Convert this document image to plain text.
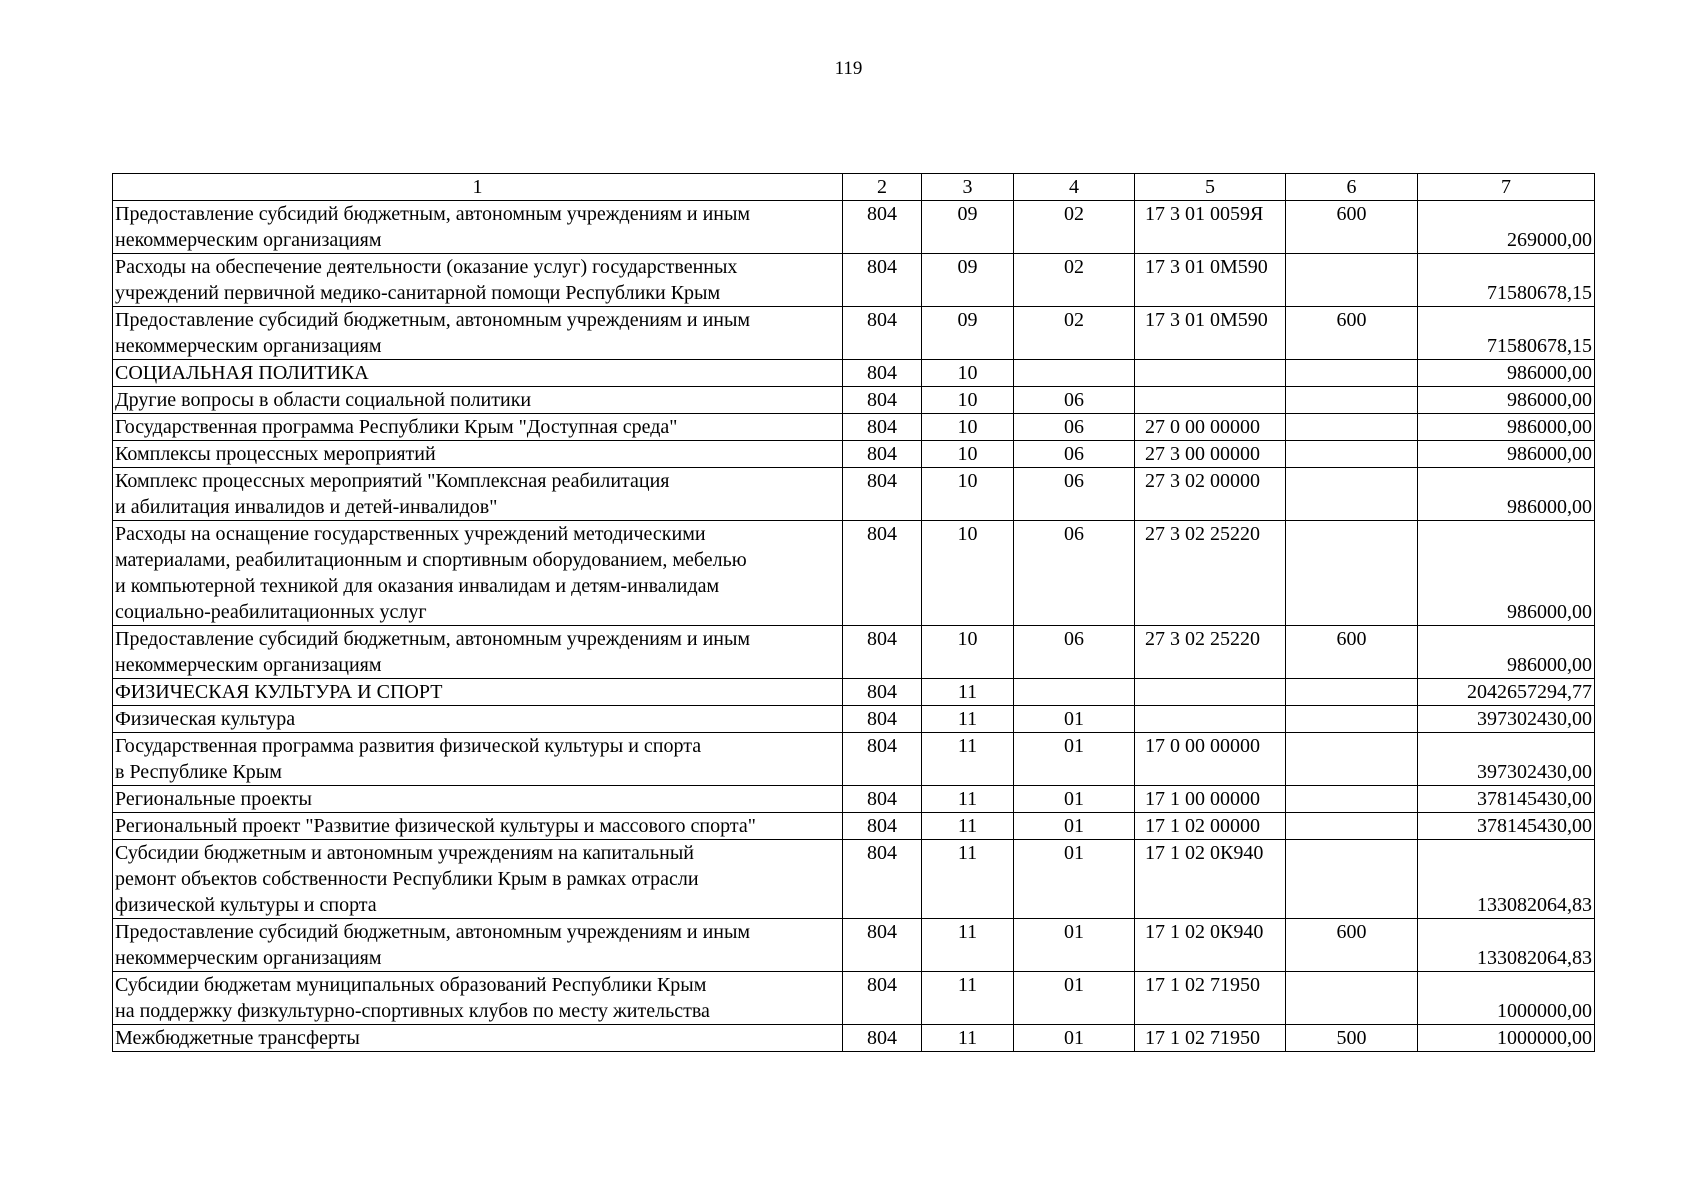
119
1	2	3	4	5	6	7

Предоставление субсидий бюджетным, автономным учреждениям и иным
некоммерческим организациям	804	09	02	17 3 01 0059Я	600	269000,00

Расходы на обеспечение деятельности (оказание услуг) государственных
учреждений первичной медико-санитарной помощи Республики Крым	804	09	02	17 3 01 0М590		71580678,15

Предоставление субсидий бюджетным, автономным учреждениям и иным
некоммерческим организациям	804	09	02	17 3 01 0М590	600	71580678,15

СОЦИАЛЬНАЯ ПОЛИТИКА	804	10				986000,00

Другие вопросы в области социальной политики	804	10	06			986000,00

Государственная программа Республики Крым "Доступная среда"	804	10	06	27 0 00 00000		986000,00

Комплексы процессных мероприятий	804	10	06	27 3 00 00000		986000,00

Комплекс процессных мероприятий "Комплексная реабилитация
и абилитация инвалидов и детей-инвалидов"	804	10	06	27 3 02 00000		986000,00

Расходы на оснащение государственных учреждений методическими
материалами, реабилитационным и спортивным оборудованием, мебелью
и компьютерной техникой для оказания инвалидам и детям-инвалидам
социально-реабилитационных услуг	804	10	06	27 3 02 25220		986000,00

Предоставление субсидий бюджетным, автономным учреждениям и иным
некоммерческим организациям	804	10	06	27 3 02 25220	600	986000,00

ФИЗИЧЕСКАЯ КУЛЬТУРА И СПОРТ	804	11				2042657294,77

Физическая культура	804	11	01			397302430,00

Государственная программа развития физической культуры и спорта
в Республике Крым	804	11	01	17 0 00 00000		397302430,00

Региональные проекты	804	11	01	17 1 00 00000		378145430,00

Региональный проект "Развитие физической культуры и массового спорта"	804	11	01	17 1 02 00000		378145430,00

Субсидии бюджетным и автономным учреждениям на капитальный
ремонт объектов собственности Республики Крым в рамках отрасли
физической культуры и спорта	804	11	01	17 1 02 0К940		133082064,83

Предоставление субсидий бюджетным, автономным учреждениям и иным
некоммерческим организациям	804	11	01	17 1 02 0К940	600	133082064,83

Субсидии бюджетам муниципальных образований Республики Крым
на поддержку физкультурно-спортивных клубов по месту жительства	804	11	01	17 1 02 71950		1000000,00

Межбюджетные трансферты	804	11	01	17 1 02 71950	500	1000000,00
